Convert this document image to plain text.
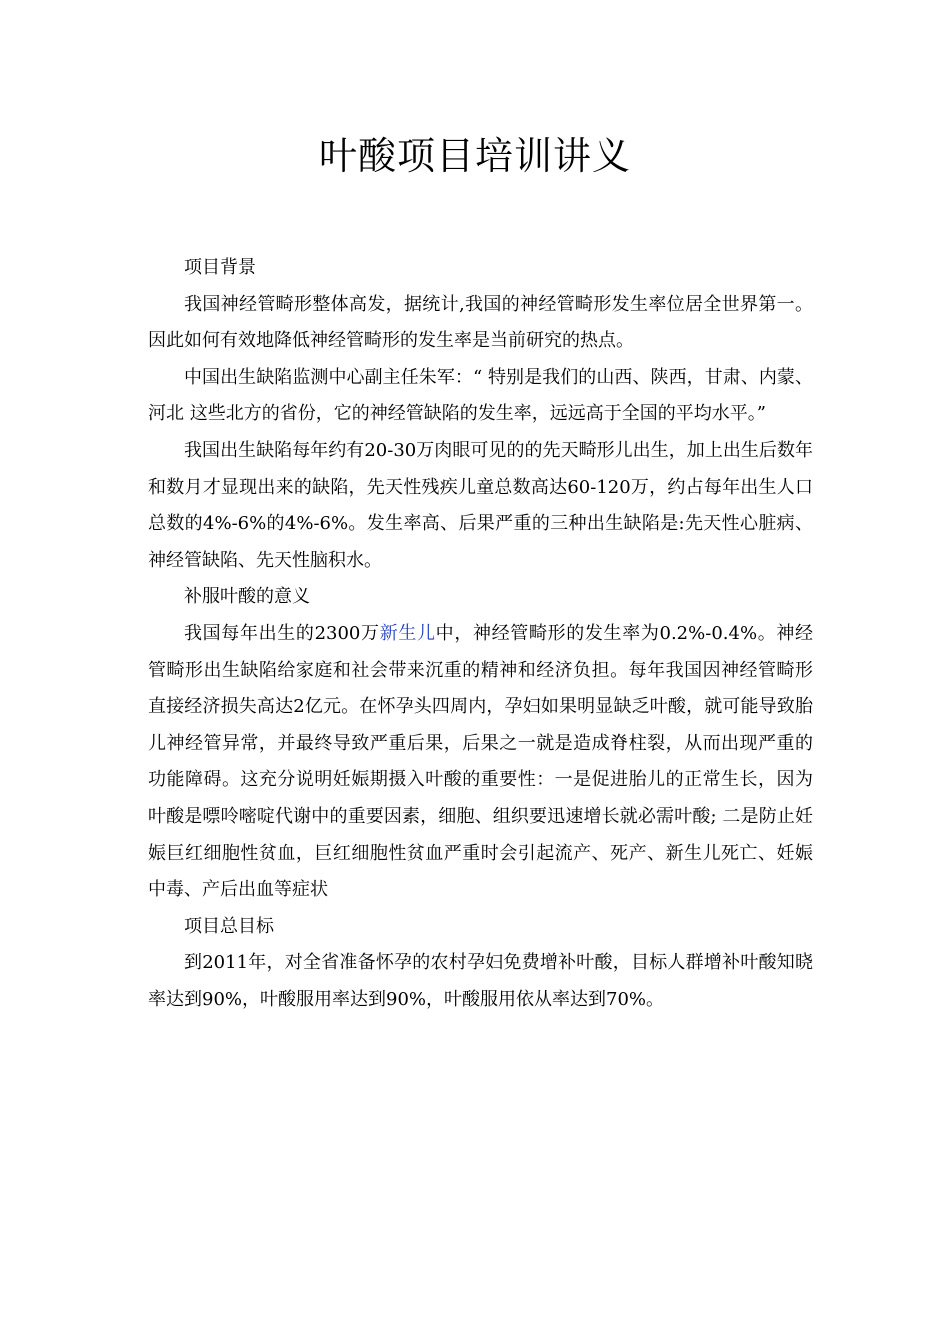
叶酸项目培训讲义

项目背景

我国神经管畸形整体高发，据统计,我国的神经管畸形发生率位居全世界第一。因此如何有效地降低神经管畸形的发生率是当前研究的热点。

中国出生缺陷监测中心副主任朱军：“ 特别是我们的山西、陕西，甘肃、内蒙、河北 这些北方的省份，它的神经管缺陷的发生率，远远高于全国的平均水平。”

我国出生缺陷每年约有20-30万肉眼可见的的先天畸形儿出生，加上出生后数年和数月才显现出来的缺陷，先天性残疾儿童总数高达60-120万，约占每年出生人口总数的4%-6%的4%-6%。发生率高、后果严重的三种出生缺陷是:先天性心脏病、神经管缺陷、先天性脑积水。

补服叶酸的意义

我国每年出生的2300万新生儿中，神经管畸形的发生率为0.2%-0.4%。神经管畸形出生缺陷给家庭和社会带来沉重的精神和经济负担。每年我国因神经管畸形直接经济损失高达2亿元。在怀孕头四周内，孕妇如果明显缺乏叶酸，就可能导致胎儿神经管异常，并最终导致严重后果，后果之一就是造成脊柱裂，从而出现严重的功能障碍。这充分说明妊娠期摄入叶酸的重要性：一是促进胎儿的正常生长，因为叶酸是嘌呤嘧啶代谢中的重要因素，细胞、组织要迅速增长就必需叶酸; 二是防止妊娠巨红细胞性贫血，巨红细胞性贫血严重时会引起流产、死产、新生儿死亡、妊娠中毒、产后出血等症状

项目总目标

到2011年，对全省准备怀孕的农村孕妇免费增补叶酸，目标人群增补叶酸知晓率达到90%，叶酸服用率达到90%，叶酸服用依从率达到70%。
